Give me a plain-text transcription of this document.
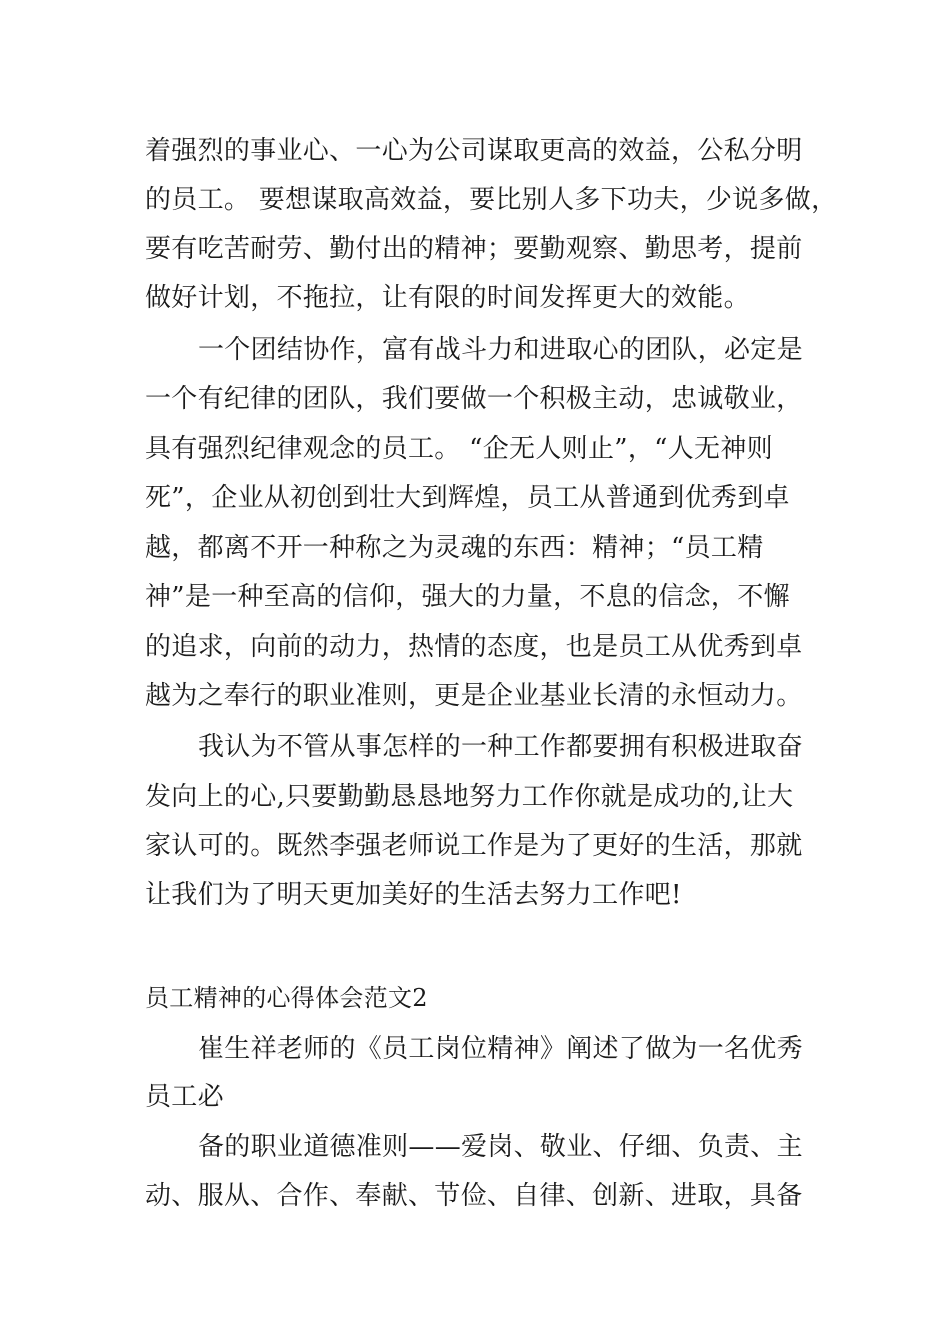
着强烈的事业心、一心为公司谋取更高的效益，公私分明
的员工。 要想谋取高效益，要比别人多下功夫，少说多做，
要有吃苦耐劳、勤付出的精神；要勤观察、勤思考，提前
做好计划，不拖拉，让有限的时间发挥更大的效能。
一个团结协作，富有战斗力和进取心的团队，必定是
一个有纪律的团队，我们要做一个积极主动，忠诚敬业，
具有强烈纪律观念的员工。 “企无人则止”，“人无神则
死”，企业从初创到壮大到辉煌，员工从普通到优秀到卓
越，都离不开一种称之为灵魂的东西：精神；“员工精
神”是一种至高的信仰，强大的力量，不息的信念，不懈
的追求，向前的动力，热情的态度，也是员工从优秀到卓
越为之奉行的职业准则，更是企业基业长清的永恒动力。
我认为不管从事怎样的一种工作都要拥有积极进取奋
发向上的心,只要勤勤恳恳地努力工作你就是成功的,让大
家认可的。既然李强老师说工作是为了更好的生活，那就
让我们为了明天更加美好的生活去努力工作吧!
员工精神的心得体会范文2
崔生祥老师的《员工岗位精神》阐述了做为一名优秀
员工必
备的职业道德准则——爱岗、敬业、仔细、负责、主
动、服从、合作、奉献、节俭、自律、创新、进取，具备
